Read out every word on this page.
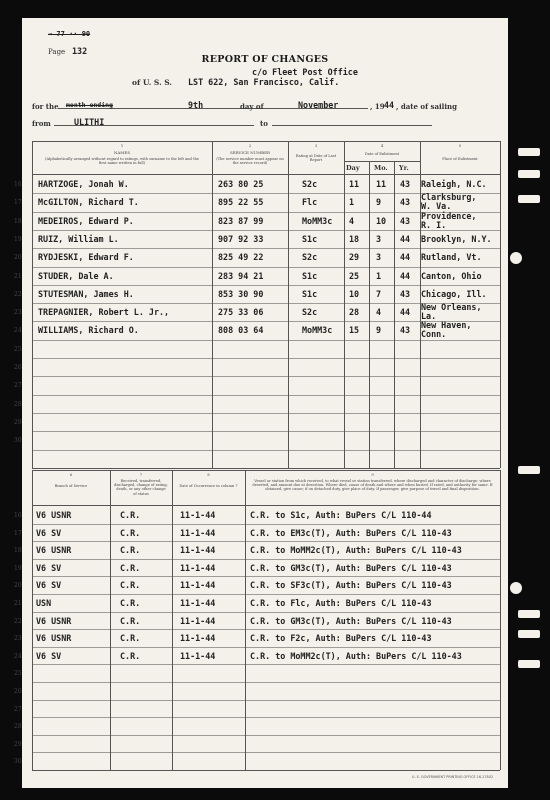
→ 77 ·· 90
Page 132
REPORT OF CHANGES
c/o Fleet Post Office
of U. S. S. LST 622, San Francisco, Calif.
for the month ending	9th	day of	November	, 19 44 , date of sailing
from	ULITHI	to
1
NAMES
(Alphabetically arranged without regard to ratings, with surname to the left and the first name written in full)
2
SERVICE NUMBER
(The service number must appear on the service record)
3
Rating at Date of Last Report
4
Date of Enlistment
Day Mo. Yr.
5
Place of Enlistment
16 HARTZOGE, Jonah W.	263 80 25	S2c	11 11 43 Raleigh, N.C.
17 McGILTON, Richard T.	895 22 55	Flc	1	9 43 Clarksburg,
W. Va.
18 MEDEIROS, Edward P.	823 87 99	MoMM3c 4	10 43 Providence,
R. I.
19 RUIZ, William L.	907 92 33	S1c	18 3 44 Brooklyn, N.Y.
20 RYDJESKI, Edward F.	825 49 22	S2c	29 3 44 Rutland, Vt.
21 STUDER, Dale A.	283 94 21	S1c	25 1 44 Canton, Ohio
22 STUTESMAN, James H.	853 30 90	S1c	10 7 43 Chicago, Ill.
23 TREPAGNIER, Robert L. Jr.,	275 33 06	S2c	28 4 44 New Orleans,
La.
24 WILLIAMS, Richard O.	808 03 64	MoMM3c 15 9 43 New Haven,
Conn.
25
26
27
28
29
30
6
Branch of Service
7
Received, transferred, discharged, change of rating, death, or any other change of status
8
Date of Occurrence in column 7
9
Vessel or station from which received, to what vessel or station transferred, where discharged and character of discharge; where deserted, and amount due at desertion. Where died, cause of death and where and when buried. If rated, and authority for same. If obtained, give cause; if on detached duty, give place of duty. If passenger, give purpose of travel and final disposition.
16 V6 USNR	C.R.	11-1-44	C.R. to S1c, Auth: BuPers C/L 110-44
17 V6 SV	C.R.	11-1-44	C.R. to EM3c(T), Auth: BuPers C/L 110-43
18 V6 USNR	C.R.	11-1-44	C.R. to MoMM2c(T), Auth: BuPers C/L 110-43
19 V6 SV	C.R.	11-1-44	C.R. to GM3c(T), Auth: BuPers C/L 110-43
20 V6 SV	C.R.	11-1-44	C.R. to SF3c(T), Auth: BuPers C/L 110-43
21 USN	C.R.	11-1-44	C.R. to Flc, Auth: BuPers C/L 110-43
22 V6 USNR	C.R.	11-1-44	C.R. to GM3c(T), Auth: BuPers C/L 110-43
23 V6 USNR	C.R.	11-1-44	C.R. to F2c, Auth: BuPers C/L 110-43
24 V6 SV	C.R.	11-1-44	C.R. to MoMM2c(T), Auth: BuPers C/L 110-43
25
26
27
28
29
30
U. S. GOVERNMENT PRINTING OFFICE 16-17802
